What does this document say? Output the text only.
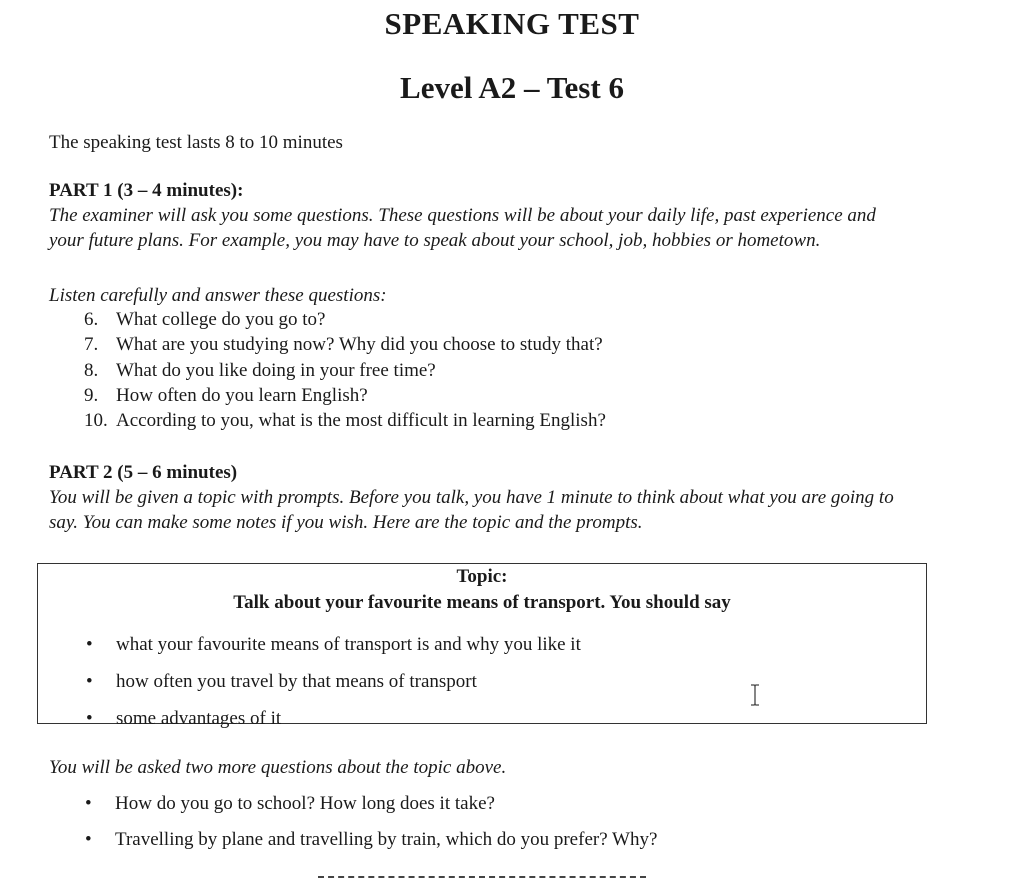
SPEAKING TEST
Level A2 – Test 6

The speaking test lasts 8 to 10 minutes

PART 1 (3 – 4 minutes):

The examiner will ask you some questions. These questions will be about your daily life, past experience and your future plans. For example, you may have to speak about your school, job, hobbies or hometown.

Listen carefully and answer these questions:

6. What college do you go to?
7. What are you studying now? Why did you choose to study that?
8. What do you like doing in your free time?
9. How often do you learn English?
10. According to you, what is the most difficult in learning English?

PART 2 (5 – 6 minutes)

You will be given a topic with prompts. Before you talk, you have 1 minute to think about what you are going to say. You can make some notes if you wish. Here are the topic and the prompts.

Topic:

Talk about your favourite means of transport. You should say

• what your favourite means of transport is and why you like it
• how often you travel by that means of transport
• some advantages of it

You will be asked two more questions about the topic above.

• How do you go to school? How long does it take?
• Travelling by plane and travelling by train, which do you prefer? Why?
